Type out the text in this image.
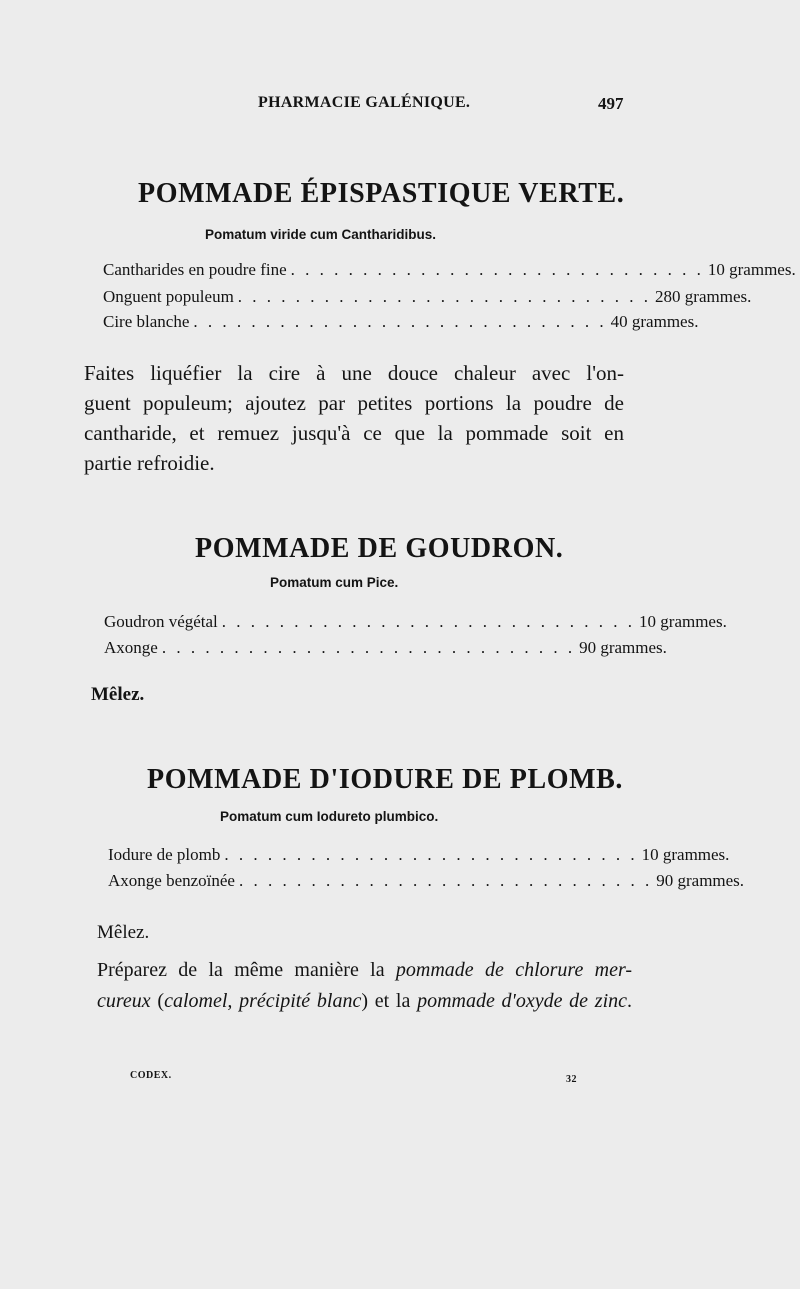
PHARMACIE GALÉNIQUE.	497
POMMADE ÉPISPASTIQUE VERTE.
Pomatum viride cum Cantharidibus.
Cantharides en poudre fine . . . . . . . . . . . . . . . . . . . . . . . . . . . . . 10 grammes.
Onguent populeum . . . . . . . . . . . . . . . . . . . . . . . . . . . . . 280 grammes.
Cire blanche . . . . . . . . . . . . . . . . . . . . . . . . . . . . . 40 grammes.
Faites liquéfier la cire à une douce chaleur avec l'on-
guent populeum; ajoutez par petites portions la poudre de
cantharide, et remuez jusqu'à ce que la pommade soit en
partie refroidie.
POMMADE DE GOUDRON.
Pomatum cum Pice.
Goudron végétal . . . . . . . . . . . . . . . . . . . . . . . . . . . . . 10 grammes.
Axonge . . . . . . . . . . . . . . . . . . . . . . . . . . . . . 90 grammes.
Mêlez.
POMMADE D'IODURE DE PLOMB.
Pomatum cum Iodureto plumbico.
Iodure de plomb . . . . . . . . . . . . . . . . . . . . . . . . . . . . . 10 grammes.
Axonge benzoïnée . . . . . . . . . . . . . . . . . . . . . . . . . . . . . 90 grammes.
Mêlez.
Préparez de la même manière la pommade de chlorure mer-
cureux (calomel, précipité blanc) et la pommade d'oxyde de zinc.
CODEX.	32
